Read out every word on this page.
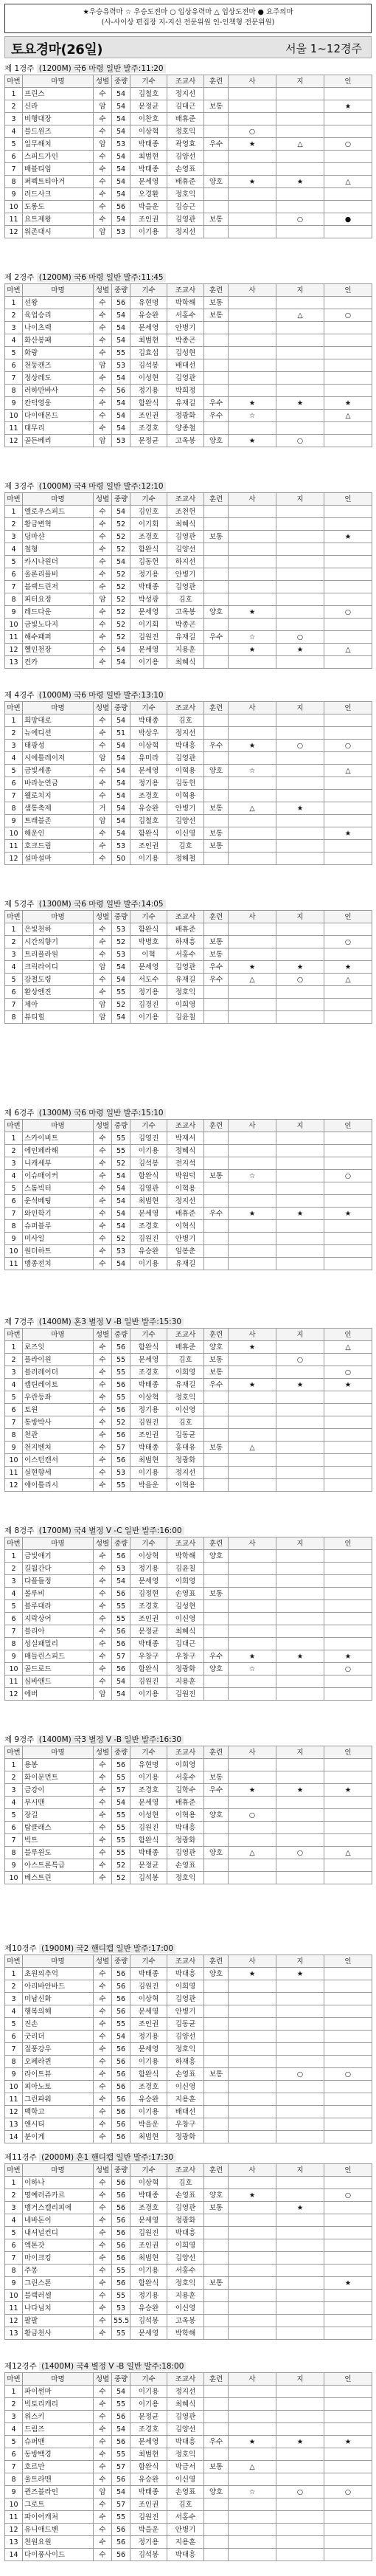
★우승유력마 ☆ 우승도전마 ○ 입상유력마 △ 입상도전마 ● 요주의마
(사-사이상 편집장 지-지신 전문위원 인-인책형 전문위원)
토요경마(26일)	서울 1~12경주
제 1경주 (1200M) 국6 마령 일반 발주:11:20
마번	마명	성별	중량	기수	조교사	훈련	사	지	인
1	프린스	수	54	김철호	정지선				
2	신라	암	54	문정균	김대근	보통			★
3	비행대장	수	54	이찬호	배휴준				
4	블드윈즈	수	54	이상혁	정호익		○		
5	일무해치	암	53	박태종	곽영효	우수	★	△	○
6	스피드가인	수	54	최범현	김양선				
7	배블티임	수	54	박태종	손영표				
8	퍼펙트티아거	수	54	문세영	배휴준	양호	★	★	△
9	러드사크	수	54	오경환	정호익				
10	도롱도	수	56	박을운	김승근				
11	요트제왕	수	54	조인권	김영관	보통		○	●
12	워존대시	암	53	이기용	정지선				
제 2경주 (1200M) 국6 마령 일반 발주:11:45
마번	마명	성별	중량	기수	조교사	훈련	사	지	인
1	선왕	수	56	유현명	박학해	보통			
2	육업승리	수	54	유승완	서홍수	보통		△	○
3	나이츠렉	수	54	문세영	안병기				
4	화산봉패	수	54	최범현	박종곤				
5	화랑	수	55	김효섭	김성현				
6	천둥캔즈	암	53	김석봉	배대선				
7	정상레도	수	54	이성현	김영관				
8	러하만바사	수	56	정기용	박희정				
9	칸덕영웅	수	54	함완식	유재길	우수	★	★	★
10	다이애몬드	수	54	조인권	정광화	우수	☆		△
11	태무리	수	54	조경호	양종철				
12	골든베리	암	53	문정균	고옥봉	양호	★	○	
제 3경주 (1000M) 국4 마령 일반 발주:12:10
마번	마명	성별	중량	기수	조교사	훈련	사	지	인
1	엘로우스피드	수	54	김인호	조천헌				
2	황금변혁	수	52	이기회	최혜식				
3	딩마샨	수	52	조경호	김영관	보통			★
4	철형	수	52	함완식	김양선				
5	카시나원더	수	54	김동헌	하지선				
6	올론리플비	수	52	정기용	안병기				
7	블랙드린저	수	52	박태종	김영관				
8	피터요정	암	52	박성광	김호				
9	레드다운	수	52	문세영	고옥봉	양호	★		○
10	금빛노다지	수	52	이기회	박종곤				
11	해수패퍼	수	52	김원진	유재길	우수	☆	○	
12	헬인천장	수	54	문세영	지용훈		★	★	△
13	컨카	수	54	이기용	최혜식				
제 4경주 (1000M) 국6 마령 일반 발주:13:10
마번	마명	성별	중량	기수	조교사	훈련	사	지	인
1	희망대로	수	54	박태종	김호				
2	뉴에디션	수	51	박상우	정지선				
3	태광성	수	54	이상혁	박대흥	우수	★	○	○
4	시에틀레이저	암	54	유미라	김영관				
5	금빛세종	수	54	문세영	이혁용	양호	☆		△
6	바라눈연금	수	54	정기용	김동헌				
7	웰로치지	수	54	조경호	이혁용				
8	샘통축제	거	54	유승완	안병기	보통	△	★	
9	트래블존	암	54	김철호	김양선				
10	해운인	수	54	함완식	이신영	보통			★
11	호크드림	수	53	조인권	김호	보통			
12	설마설마	수	50	이기용	정해철				
제 5경주 (1300M) 국6 마령 일반 발주:14:05
마번	마명	성별	중량	기수	조교사	훈련	사	지	인
1	은빛천하	수	53	함완식	배휴준				
2	시간의향기	수	52	박병호	하재흥	보통			○
3	트리플라원	수	53	이혁	서홍수	보통			
4	크릭라이디	암	54	문세영	김영관	우수	★	★	★
5	강철도령	수	54	서도수	유재길	우수	△	○	△
6	환상엔진	수	55	정기용	정호익				
7	제아	암	52	김경진	이희영				
8	뷰티힐	암	54	이기용	김윤칠				
제 6경주 (1300M) 국6 마령 일반 발주:15:10
마번	마명	성별	중량	기수	조교사	훈련	사	지	인
1	스카이비트	수	55	김영진	박재서				
2	에인페라해	수	55	이기용	정혜식				
3	니캐세부	수	52	김석봉	전지석				
4	이슈매이커	수	54	함완식	박원덕	보통	☆		○
5	스톰빅터	수	54	김영관	이혁용				
6	운석베팅	수	54	최범현	정지선				
7	와인학기	수	54	문세영	배휴준	우수	★	★	★
8	슈퍼블루	수	54	조경호	이혁식				
9	미사일	수	52	김원진	안병기				
10	원더하트	수	53	유승완	임봉춘				
11	맹종전치	수	54	이기용	유재길				
제 7경주 (1400M) 혼3 별정 V -B 일반 발주:15:30
마번	마명	성별	중량	기수	조교사	훈련	사	지	인
1	로즈잇	수	56	함완식	배휴준	양호	★		△
2	플라이원	수	55	문세영	김호	보통		○	
3	블러레이더	수	55	조경호	이희영	보통			○
4	캡틴레이토	수	56	박태종	유재길	우수	★	★	★
5	우란등좌	수	55	이상혁	정호익				
6	토윈	수	56	정기용	이신영				
7	통방박사	수	52	김원진	김호				
8	천관	수	56	조인권	김동균				
9	천지벤처	수	57	박태종	홍대유	보통	△		
10	이스턴캔서	수	56	최범현	정광화				
11	실현향세	수	53	이기용	정지선				
12	애이틀리시	수	55	박을운	이혁용				
제 8경주 (1700M) 국4 별정 V -C 일반 발주:16:00
마번	마명	성별	중량	기수	조교사	훈련	사	지	인
1	금빛얘기	수	56	이상혁	박학해	양호			
2	길월간다	수	53	정기용	김윤칠				
3	다플돌정	수	54	문세영	이희영				
4	볼루비	수	56	김정현	손영표	보통			
5	블루대라	수	55	조경호	김성현				
6	지락상어	수	55	조인권	이신영				
7	블리아	수	56	문정균	최혜식				
8	성실패밀리	수	56	박태종	김대근				
9	매들린스피드	수	57	우창구	우창구	우수	★	★	★
10	골드로드	수	56	함완식	정광화	양호	☆		○
11	심바앤드	수	54	김원진	지용훈				
12	에버	암	54	이기용	김원진				
제 9경주 (1400M) 국3 별정 V -B 일반 발주:16:30
마번	마명	성별	중량	기수	조교사	훈련	사	지	인
1	용봉	수	56	유현명	이희영				
2	화이문먼트	수	55	이기용	서홍수	보통			
3	금강이	수	57	조경호	김학수	우수	★	★	★
4	부시맨	수	54	문세영	배휴준				
5	장길	수	55	이성현	이혁용	양호	○		
6	탑클래스	수	55	김원진	박대흥				
7	빅트	수	55	함완식	정광화				
8	블루윈도	수	55	박태종	김영관	양호	△	○	△
9	아스트론특급	수	52	문정균	손영표				
10	베스트린	수	52	김석봉	정호익				
제10경주 (1900M) 국2 핸디캡 일반 발주:17:00
마번	마명	성별	중량	기수	조교사	훈련	사	지	인
1	초원의추억	수	56	박태종	박대흥	양호	★	★	
2	아리바안바드	수	56	김원진	이희영				
3	미남신화	수	56	이상혁	김영관				
4	행복의해	수	56	문세영	안병기				
5	진손	수	55	조인권	김동균				
6	굿리더	수	54	정기용	김양선				
7	질풍강우	수	56	문세영	정호익				
8	오페라퀸	수	56	이기용	하재흥				
9	라이트뷰	수	56	함완식	손영표	보통		○	○
10	피아노토	수	56	조경호	이신영				
11	그린파워	수	56	유승완	지용훈				
12	백학고	수	56	이기용	배대선				
13	앤시티	수	56	박을운	우창구				
14	분이게	수	56	최범현	정광화				
제11경주 (2000M) 혼1 핸디캡 일반 발주:17:30
마번	마명	성별	중량	기수	조교사	훈련	사	지	인
1	이하나	수	56	이상혁	김호				
2	명예러쥬카르	수	56	박태종	손영표	양호	★		○
3	맹거스캘리피에	수	56	조경호	김영관	보통		★	
4	네바돈이	수	56	문세영	정광화				
5	내셔널컨디	수	56	김원진	박대흥				
6	엑톤갓	수	56	조인권	이희영				
7	마이크킹	수	56	최범현	김양선				
8	주몽	수	55	이기용	서홍수				
9	그린스폰	수	56	함완식	정호익	보통			★
10	블랙러셀	수	55	정기용	지용훈				
11	나다님치	수	53	유승완	이신영				
12	팔팔	수	55.5	김석봉	고옥봉				
13	황금천사	수	55	문세영	박학해				
제12경주 (1400M) 국4 별정 V -B 일반 발주:18:00
마번	마명	성별	중량	기수	조교사	훈련	사	지	인
1	파이썬마	수	54	이기용	정지선				
2	빅토리캐리	수	55	이기용	최혜식				
3	위스키	수	56	문정균	김영관				
4	드림즈	수	54	조경호	김양선				
5	슈퍼맨	수	56	문세영	박대흥	우수	★	★	★
6	동방백경	수	55	최범현	정호익				
7	호르만	수	57	함완식	박금서	보통	△		
8	울트라맨	수	56	유승완	이신영				
9	퀸즈블라인	암	54	박태종	손영표	양호	☆	○	○
10	그로트	수	57	조인권	김호				
11	파이어캐처	수	55	김원진	서홍수				
12	유니애드벤	수	56	박을운	안병기				
13	천원요원	수	56	정기용	지용훈				
14	다이풍사이드	수	56	김석봉	박대흥				
